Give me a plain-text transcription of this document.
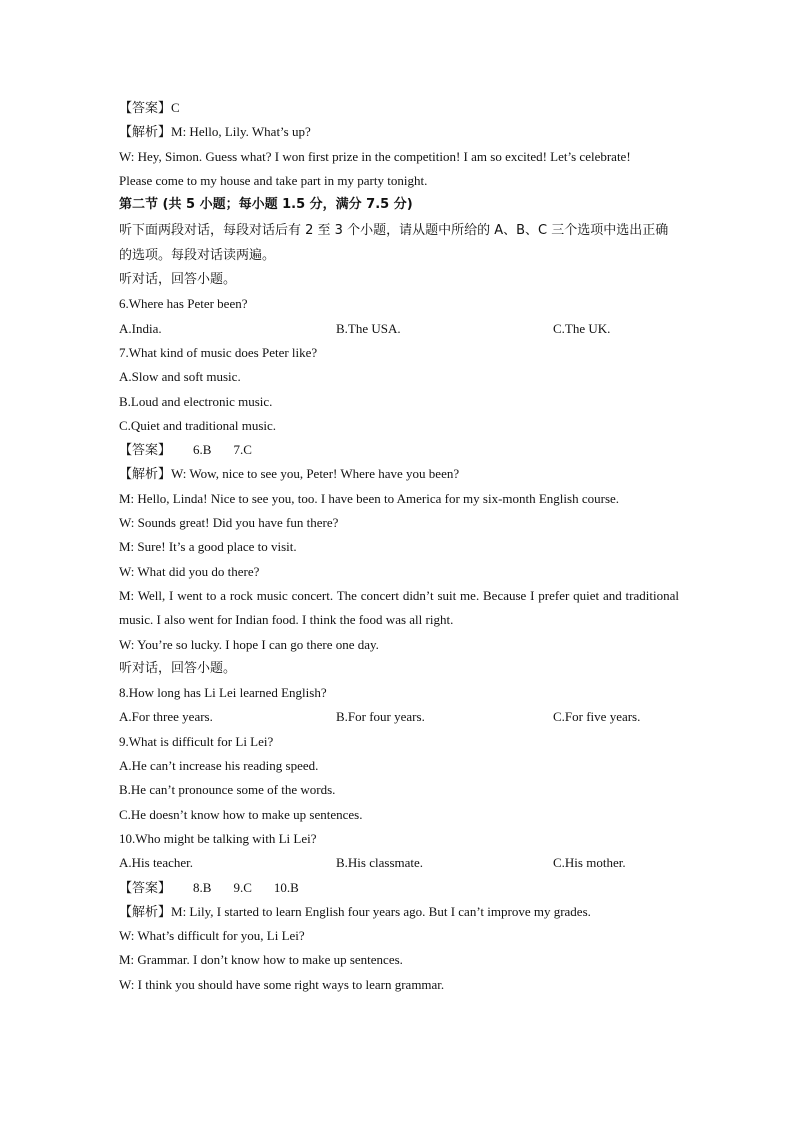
【答案】C
【解析】M: Hello, Lily. What’s up?
W: Hey, Simon. Guess what? I won first prize in the competition! I am so excited! Let’s celebrate!
Please come to my house and take part in my party tonight.
第二节 (共 5 小题；每小题 1.5 分，满分 7.5 分)
听下面两段对话，每段对话后有 2 至 3 个小题，请从题中所给的 A、B、C 三个选项中选出正确的选项。每段对话读两遍。
听对话，回答小题。
6.Where has Peter been?
A.India.	B.The USA.	C.The UK.
7.What kind of music does Peter like?
A.Slow and soft music.
B.Loud and electronic music.
C.Quiet and traditional music.
【答案】 6.B 7.C
【解析】W: Wow, nice to see you, Peter! Where have you been?
M: Hello, Linda! Nice to see you, too. I have been to America for my six-month English course.
W: Sounds great! Did you have fun there?
M: Sure! It’s a good place to visit.
W: What did you do there?
M: Well, I went to a rock music concert. The concert didn’t suit me. Because I prefer quiet and traditional music. I also went for Indian food. I think the food was all right.
W: You’re so lucky. I hope I can go there one day.
听对话，回答小题。
8.How long has Li Lei learned English?
A.For three years.	B.For four years.	C.For five years.
9.What is difficult for Li Lei?
A.He can’t increase his reading speed.
B.He can’t pronounce some of the words.
C.He doesn’t know how to make up sentences.
10.Who might be talking with Li Lei?
A.His teacher.	B.His classmate.	C.His mother.
【答案】 8.B 9.C 10.B
【解析】M: Lily, I started to learn English four years ago. But I can’t improve my grades.
W: What’s difficult for you, Li Lei?
M: Grammar. I don’t know how to make up sentences.
W: I think you should have some right ways to learn grammar.
